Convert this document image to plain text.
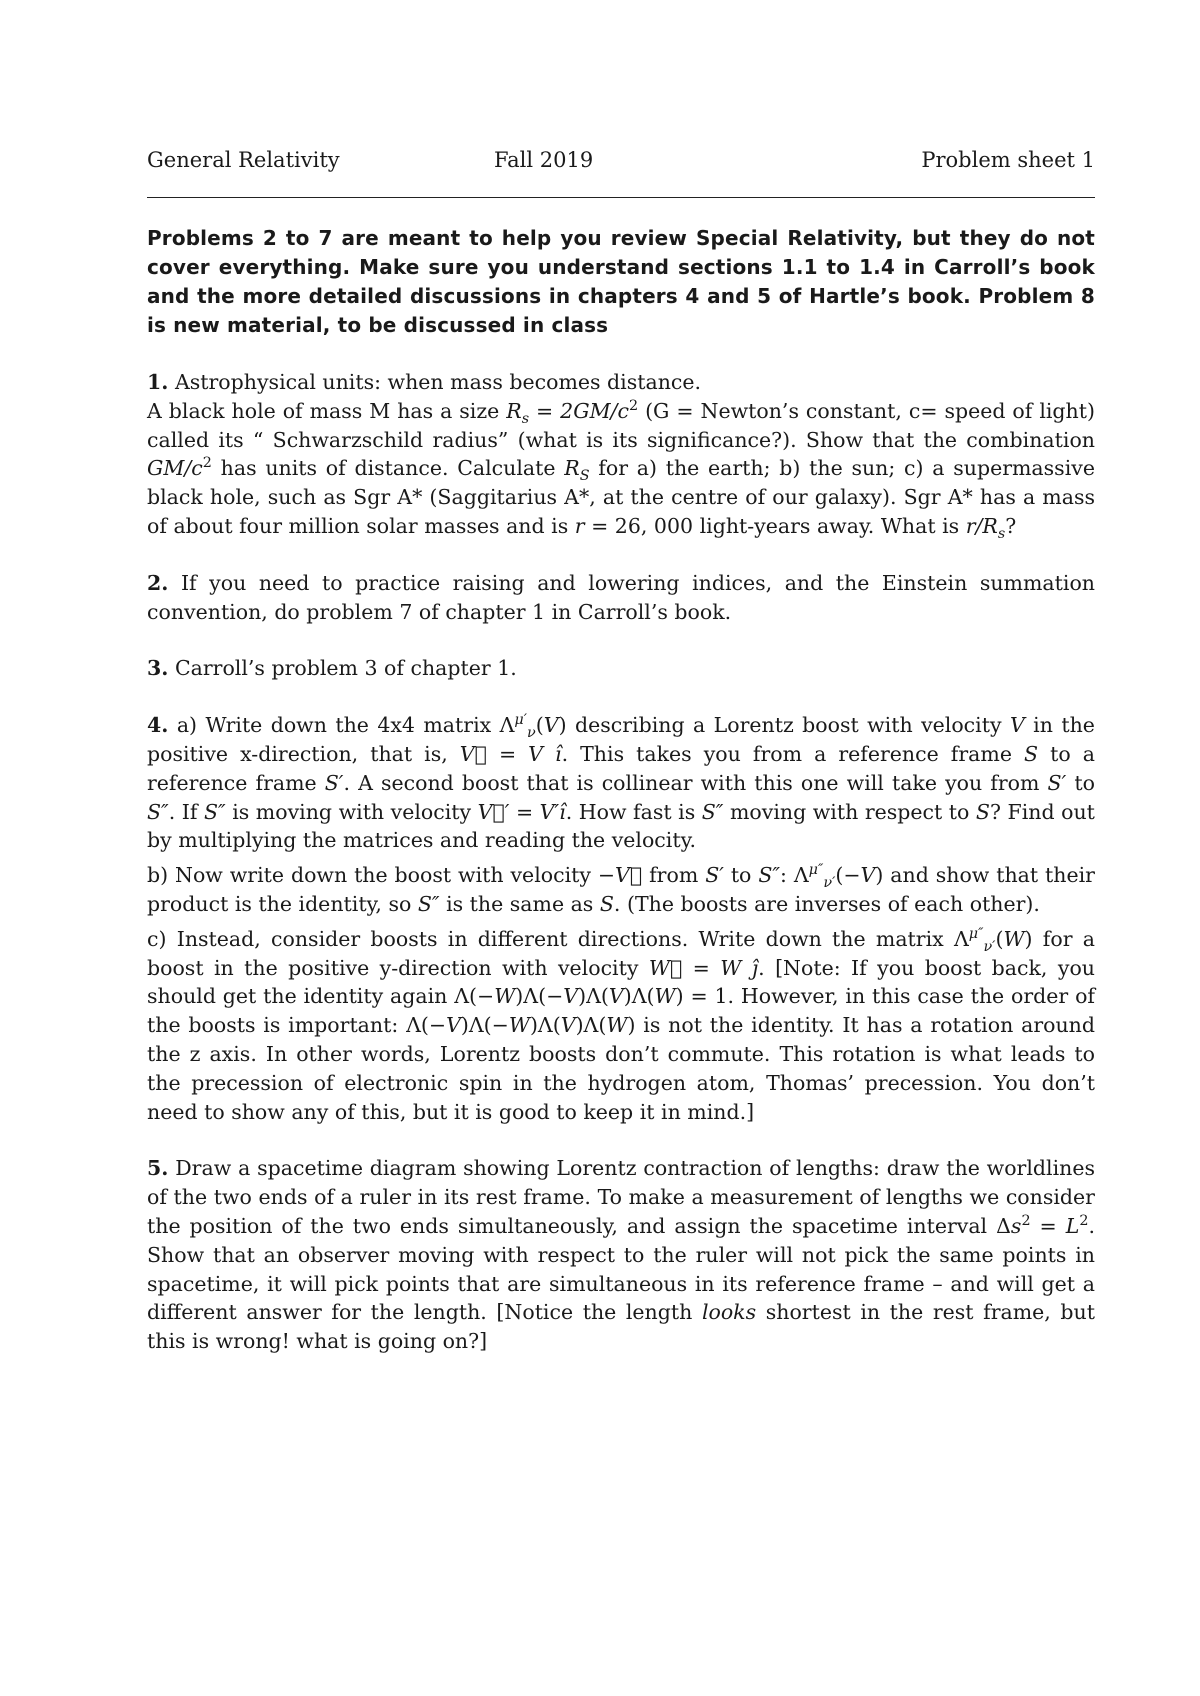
General Relativity	Fall 2019	Problem sheet 1

Problems 2 to 7 are meant to help you review Special Relativity, but they do not cover everything. Make sure you understand sections 1.1 to 1.4 in Carroll’s book and the more detailed discussions in chapters 4 and 5 of Hartle’s book. Problem 8 is new material, to be discussed in class

1. Astrophysical units: when mass becomes distance.

A black hole of mass M has a size $R_s = 2GM/c^2$ (G = Newton’s constant, c= speed of light) called its “ Schwarzschild radius” (what is its significance?). Show that the combination $GM/c^2$ has units of distance. Calculate $R_S$ for a) the earth; b) the sun; c) a supermassive black hole, such as Sgr A* (Saggitarius A*, at the centre of our galaxy). Sgr A* has a mass of about four million solar masses and is r = 26, 000 light-years away. What is $r/R_s$?

2. If you need to practice raising and lowering indices, and the Einstein summation convention, do problem 7 of chapter 1 in Carroll’s book.

3. Carroll’s problem 3 of chapter 1.

4. a) Write down the 4x4 matrix $\Lambda^{\mu'}_\nu(V)$ describing a Lorentz boost with velocity V in the positive x-direction, that is, V⃗ = V î. This takes you from a reference frame S to a reference frame S′. A second boost that is collinear with this one will take you from S′ to S″. If S″ is moving with velocity V⃗′ = V′î. How fast is S″ moving with respect to S? Find out by multiplying the matrices and reading the velocity.

b) Now write down the boost with velocity −V⃗ from S′ to S″: $\Lambda^{\mu''}_{\nu'}(-V)$ and show that their product is the identity, so S″ is the same as S. (The boosts are inverses of each other).

c) Instead, consider boosts in different directions. Write down the matrix $\Lambda^{\mu''}_{\nu'}(W)$ for a boost in the positive y-direction with velocity W⃗ = W ĵ. [Note: If you boost back, you should get the identity again Λ(−W)Λ(−V)Λ(V)Λ(W) = 1. However, in this case the order of the boosts is important: Λ(−V)Λ(−W)Λ(V)Λ(W) is not the identity. It has a rotation around the z axis. In other words, Lorentz boosts don’t commute. This rotation is what leads to the precession of electronic spin in the hydrogen atom, Thomas’ precession. You don’t need to show any of this, but it is good to keep it in mind.]

5. Draw a spacetime diagram showing Lorentz contraction of lengths: draw the worldlines of the two ends of a ruler in its rest frame. To make a measurement of lengths we consider the position of the two ends simultaneously, and assign the spacetime interval $\Delta s^2 = L^2$. Show that an observer moving with respect to the ruler will not pick the same points in spacetime, it will pick points that are simultaneous in its reference frame – and will get a different answer for the length. [Notice the length looks shortest in the rest frame, but this is wrong! what is going on?]
